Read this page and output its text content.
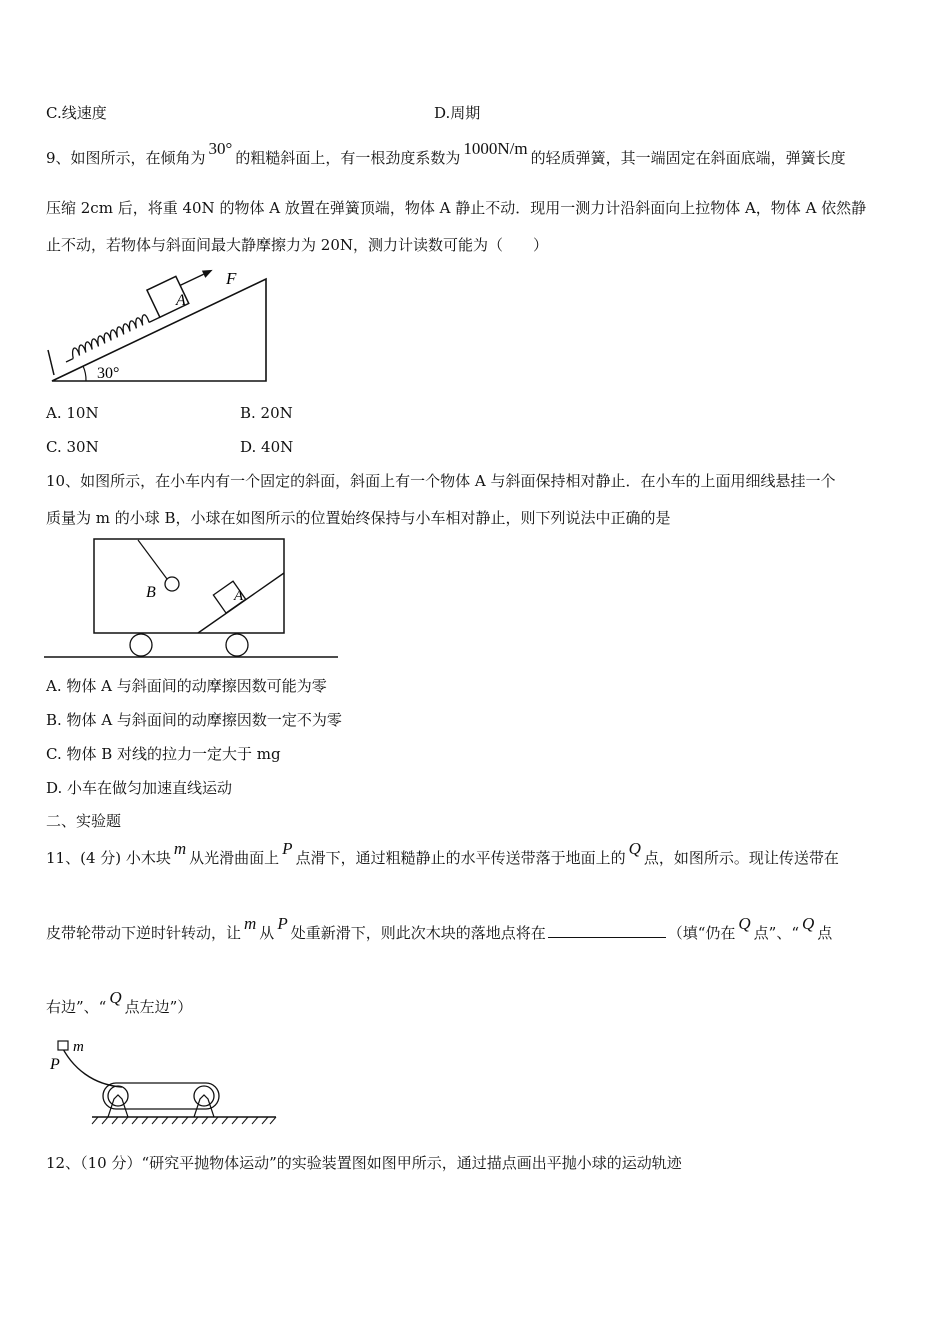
C.线速度	D.周期
9、如图所示，在倾角为 30° 的粗糙斜面上，有一根劲度系数为 1000N/m 的轻质弹簧，其一端固定在斜面底端，弹簧长度
压缩 2cm 后，将重 40N 的物体 A 放置在弹簧顶端，物体 A 静止不动．现用一测力计沿斜面向上拉物体 A，物体 A 依然静
止不动，若物体与斜面间最大静摩擦力为 20N，测力计读数可能为（　　）
A
F
30°
A. 10N	B. 20N
C. 30N	D. 40N
10、如图所示，在小车内有一个固定的斜面，斜面上有一个物体 A 与斜面保持相对静止．在小车的上面用细线悬挂一个
质量为 m 的小球 B，小球在如图所示的位置始终保持与小车相对静止，则下列说法中正确的是
B	A
A. 物体 A 与斜面间的动摩擦因数可能为零
B. 物体 A 与斜面间的动摩擦因数一定不为零
C. 物体 B 对线的拉力一定大于 mg
D. 小车在做匀加速直线运动
二、实验题
11、(4 分) 小木块 m 从光滑曲面上 P 点滑下，通过粗糙静止的水平传送带落于地面上的 Q 点，如图所示。现让传送带在
皮带轮带动下逆时针转动，让 m 从 P 处重新滑下，则此次木块的落地点将在	（填“仍在 Q 点”、“ Q 点
右边”、“ Q 点左边”）
m
P
12、（10 分）“研究平抛物体运动”的实验装置图如图甲所示，通过描点画出平抛小球的运动轨迹
